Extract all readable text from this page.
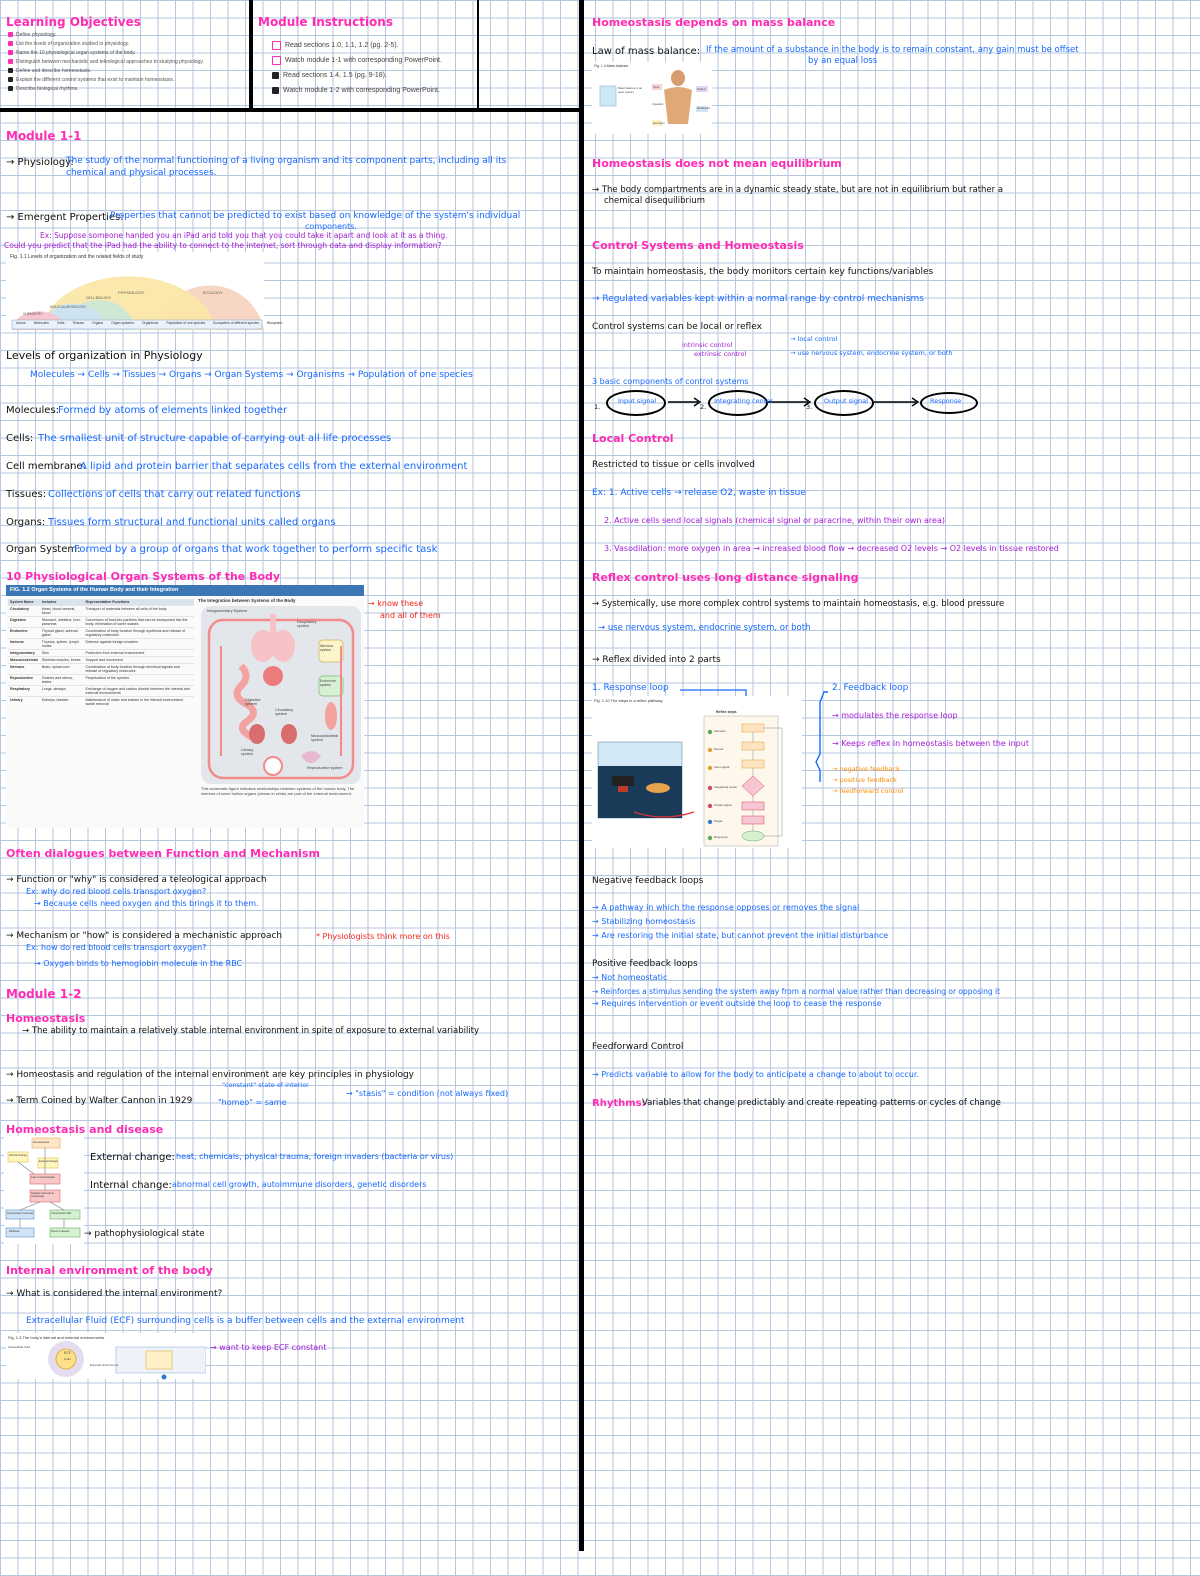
Learning Objectives
Define physiology.
List the levels of organization studied in physiology.
Name the 10 physiological organ systems of the body.
Distinguish between mechanistic and teleological approaches to studying physiology.
Define and describe homeostasis.
Explain the different control systems that exist to maintain homeostasis.
Describe biological rhythms.
Module Instructions
Read sections 1.0, 1.1, 1.2 (pg. 2-5).
Watch module 1-1 with corresponding PowerPoint.
Read sections 1.4, 1.5 (pg. 9-18).
Watch module 1-2 with corresponding PowerPoint.
Module 1-1
→ Physiology:
The study of the normal functioning of a living organism and its component parts, including all its
chemical and physical processes.
→ Emergent Properties:
Properties that cannot be predicted to exist based on knowledge of the system's individual
components.
Ex: Suppose someone handed you an iPad and told you that you could take it apart and look at it as a thing.
Could you predict that the iPad had the ability to connect to the internet, sort through data and display information?
Fig. 1.1 Levels of organization and the related fields of study
PHYSIOLOGY	ECOLOGY
CELL BIOLOGY
MOLECULAR BIOLOGY
CHEMISTRY
Atoms Molecules Cells Tissues Organs Organ systems Organisms Population of one species Ecosystem of different species Biosphere
Levels of organization in Physiology
Molecules → Cells → Tissues → Organs → Organ Systems → Organisms → Population of one species
Molecules:
Formed by atoms of elements linked together
Cells: The smallest unit of structure capable of carrying out all life processes
Cell membrane:
A lipid and protein barrier that separates cells from the external environment
Tissues: Collections of cells that carry out related functions
Organs: Tissues form structural and functional units called organs
Organ System:
Formed by a group of organs that work together to perform specific task
10 Physiological Organ Systems of the Body
→ know these
and all of them
FIG. 1.2 Organ Systems of the Human Body and their Integration
System Name	Includes	Representative Functions
Circulatory	Heart, blood vessels, blood	Transport of materials between all cells of the body
Digestive	Stomach, intestine, liver, pancreas	Conversion of food into particles that can be transported into the body; elimination of some wastes
Endocrine	Thyroid gland, adrenal gland	Coordination of body function through synthesis and release of regulatory molecules
Immune	Thymus, spleen, lymph nodes	Defense against foreign invaders
Integumentary	Skin	Protection from external environment
Musculoskeletal	Skeletal muscles, bones	Support and movement
Nervous	Brain, spinal cord	Coordination of body function through electrical signals and release of regulatory molecules
Reproductive	Ovaries and uterus, testes	Perpetuation of the species
Respiratory	Lungs, airways	Exchange of oxygen and carbon dioxide between the internal and external environments
Urinary	Kidneys, bladder	Maintenance of water and solutes in the internal environment; waste removal
The Integration between Systems of the Body
Integumentary System
Respiratory system
Nervous system
Endocrine system
Digestive system
Circulatory system
Urinary system
Musculoskeletal system
Reproductive system
This schematic figure indicates relationships between systems of the human body. The interiors of some hollow organs (shown in white) are part of the external environment.
Often dialogues between Function and Mechanism
→ Function or "why" is considered a teleological approach
Ex: why do red blood cells transport oxygen?
→ Because cells need oxygen and this brings it to them.
→ Mechanism or "how" is considered a mechanistic approach	* Physiologists think more on this
Ex: how do red blood cells transport oxygen?
→ Oxygen binds to hemoglobin molecule in the RBC
Module 1-2
Homeostasis
→ The ability to maintain a relatively stable internal environment in spite of exposure to external variability
→ Homeostasis and regulation of the internal environment are key principles in physiology
"constant" state of interior
→ Term Coined by Walter Cannon in 1929	"homeo" = same
→ "stasis" = condition (not always fixed)
Homeostasis and disease
Homeostasis
Internal change
External change
Loss of homeostasis
Organism attempts to compensate
Compensation succeeds	Compensation fails
Wellness	Illness or disease
External change: heat, chemicals, physical trauma, foreign invaders (bacteria or virus)
Internal change: abnormal cell growth, autoimmune disorders, genetic disorders
→ pathophysiological state
Internal environment of the body
→ What is considered the internal environment?
Extracellular Fluid (ECF) surrounding cells is a buffer between cells and the external environment
→ want to keep ECF constant
Fig. 1.3 The body's internal and external environments
Intracellular fluid
ECF
Cells
External environment
Homeostasis depends on mass balance
Law of mass balance: If the amount of a substance in the body is to remain constant, any gain must be offset
by an equal loss
Fig. 1.4 Mass balance
Mass balance in an open system
Input	Output
Ingestion
Metabolism
Excretion
Homeostasis does not mean equilibrium
→ The body compartments are in a dynamic steady state, but are not in equilibrium but rather a
chemical disequilibrium
Control Systems and Homeostasis
To maintain homeostasis, the body monitors certain key functions/variables
→ Regulated variables kept within a normal range by control mechanisms
Control systems can be local or reflex
→ local control
intrinsic control
→ use nervous system, endocrine system, or both
extrinsic control
3 basic components of control systems
Input signal	Integrating center	Output signal	Response
1.	2.	3.
Local Control
Restricted to tissue or cells involved
Ex: 1. Active cells → release O2, waste in tissue
2. Active cells send local signals (chemical signal or paracrine, within their own area)
3. Vasodilation: more oxygen in area → increased blood flow → decreased O2 levels → O2 levels in tissue restored
Reflex control uses long distance signaling
→ Systemically, use more complex control systems to maintain homeostasis, e.g. blood pressure
→ use nervous system, endocrine system, or both
→ Reflex divided into 2 parts
1. Response loop	2. Feedback loop
→ modulates the response loop
→ Keeps reflex in homeostasis between the input
→ negative feedback
→ positive feedback
→ feedforward control
Fig. 1.10 The steps in a reflex pathway
Reflex steps
Stimulus
Sensor
Input signal
Integrating center
Output signal
Target
Response
Negative feedback loops
→ A pathway in which the response opposes or removes the signal
→ Stabilizing homeostasis
→ Are restoring the initial state, but cannot prevent the initial disturbance
Positive feedback loops
→ Not homeostatic
→ Reinforces a stimulus sending the system away from a normal value rather than decreasing or opposing it
→ Requires intervention or event outside the loop to cease the response
Feedforward Control
→ Predicts variable to allow for the body to anticipate a change to about to occur.
Rhythms:
Variables that change predictably and create repeating patterns or cycles of change
